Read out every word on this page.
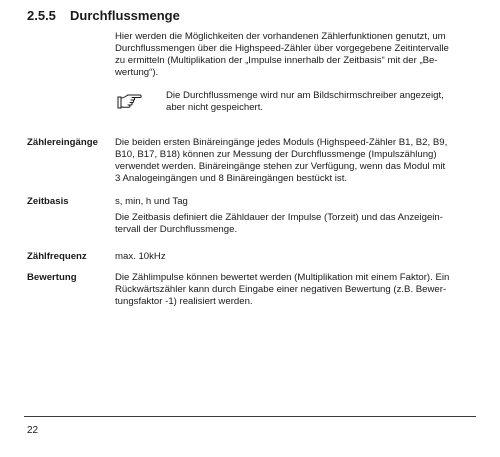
2.5.5 Durchflussmenge
Hier werden die Möglichkeiten der vorhandenen Zählerfunktionen genutzt, um
Durchflussmengen über die Highspeed-Zähler über vorgegebene Zeitintervalle
zu ermitteln (Multiplikation der „Impulse innerhalb der Zeitbasis“ mit der „Be-
wertung“).
Die Durchflussmenge wird nur am Bildschirmschreiber angezeigt,
aber nicht gespeichert.
Zählereingänge Die beiden ersten Binäreingänge jedes Moduls (Highspeed-Zähler B1, B2, B9,
B10, B17, B18) können zur Messung der Durchflussmenge (Impulszählung)
verwendet werden. Binäreingänge stehen zur Verfügung, wenn das Modul mit
3 Analogeingängen und 8 Binäreingängen bestückt ist.
Zeitbasis	s, min, h und Tag
Die Zeitbasis definiert die Zähldauer der Impulse (Torzeit) und das Anzeigein-
tervall der Durchflussmenge.
Zählfrequenz	max. 10kHz
Bewertung	Die Zählimpulse können bewertet werden (Multiplikation mit einem Faktor). Ein
Rückwärtszähler kann durch Eingabe einer negativen Bewertung (z.B. Bewer-
tungsfaktor -1) realisiert werden.
22
